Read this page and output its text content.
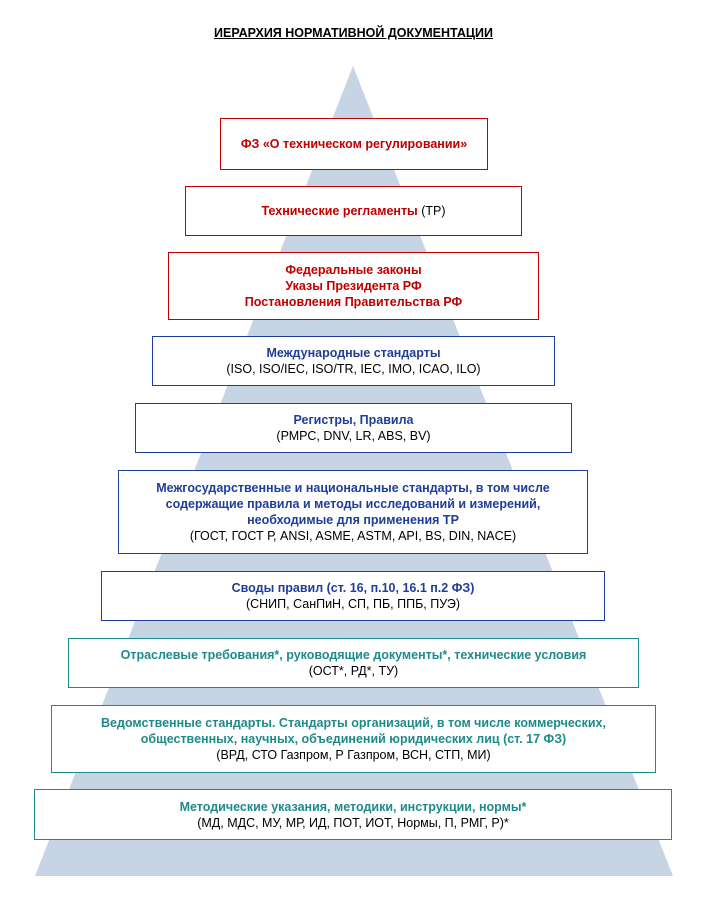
ИЕРАРХИЯ НОРМАТИВНОЙ ДОКУМЕНТАЦИИ
ФЗ «О техническом регулировании»
Технические регламенты (ТР)
Федеральные законы
Указы Президента РФ
Постановления Правительства РФ
Международные стандарты
(ISO, ISO/IEC, ISO/TR, IEC, IMO, ICAO, ILO)
Регистры, Правила
(РМРС, DNV, LR, ABS, BV)
Межгосударственные и национальные стандарты, в том числе
содержащие правила и методы исследований и измерений,
необходимые для применения ТР
(ГОСТ, ГОСТ Р, ANSI, ASME, ASTM, API, BS, DIN, NACE)
Своды правил (ст. 16, п.10, 16.1 п.2 ФЗ)
(СНИП, СанПиН, СП, ПБ, ППБ, ПУЭ)
Отраслевые требования*, руководящие документы*, технические условия
(ОСТ*, РД*, ТУ)
Ведомственные стандарты. Стандарты организаций, в том числе коммерческих,
общественных, научных, объединений юридических лиц (ст. 17 ФЗ)
(ВРД, СТО Газпром, Р Газпром, ВСН, СТП, МИ)
Методические указания, методики, инструкции, нормы*
(МД, МДС, МУ, МР, ИД, ПОТ, ИОТ, Нормы, П, РМГ, Р)*
